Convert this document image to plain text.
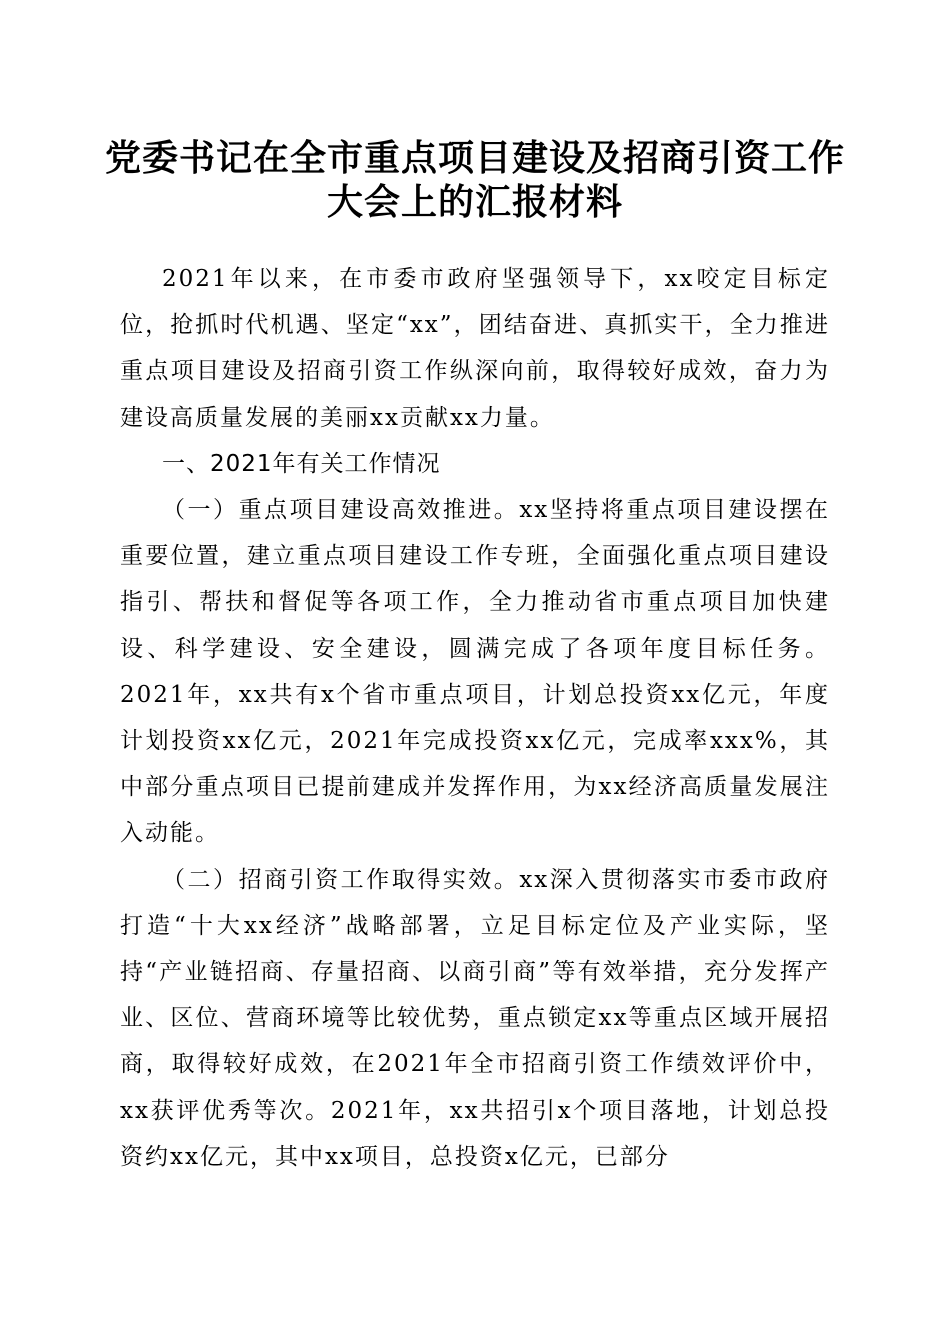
党委书记在全市重点项目建设及招商引资工作
大会上的汇报材料

2021年以来，在市委市政府坚强领导下，xx咬定目标定位，抢抓时代机遇、坚定“xx”，团结奋进、真抓实干，全力推进重点项目建设及招商引资工作纵深向前，取得较好成效，奋力为建设高质量发展的美丽xx贡献xx力量。

一、2021年有关工作情况

（一）重点项目建设高效推进。xx坚持将重点项目建设摆在重要位置，建立重点项目建设工作专班，全面强化重点项目建设指引、帮扶和督促等各项工作，全力推动省市重点项目加快建设、科学建设、安全建设，圆满完成了各项年度目标任务。2021年，xx共有x个省市重点项目，计划总投资xx亿元，年度计划投资xx亿元，2021年完成投资xx亿元，完成率xxx%，其中部分重点项目已提前建成并发挥作用，为xx经济高质量发展注入动能。

（二）招商引资工作取得实效。xx深入贯彻落实市委市政府打造“十大xx经济”战略部署，立足目标定位及产业实际，坚持“产业链招商、存量招商、以商引商”等有效举措，充分发挥产业、区位、营商环境等比较优势，重点锁定xx等重点区域开展招商，取得较好成效，在2021年全市招商引资工作绩效评价中，xx获评优秀等次。2021年，xx共招引x个项目落地，计划总投资约xx亿元，其中xx项目，总投资x亿元，已部分
